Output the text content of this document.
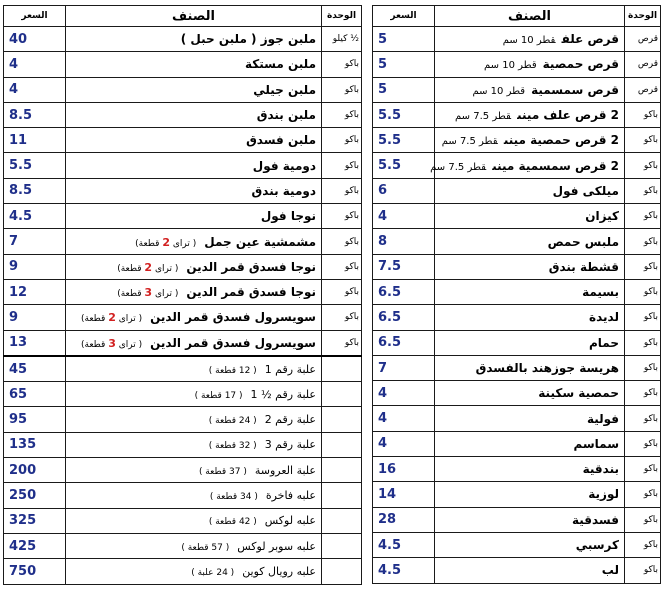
السعر	الصنف	الوحدة
40	ملبن جوز ( ملبن حبل )	½ كيلو
4	ملبن مستكة	باكو
4	ملبن جيلي	باكو
8.5	ملبن بندق	باكو
11	ملبن فسدق	باكو
5.5	دومية فول	باكو
8.5	دومية بندق	باكو
4.5	نوجا فول	باكو
7	مشمشية عين جمل( تراى 2 قطعة)	باكو
9	نوجا فسدق قمر الدين( تراى 2 قطعة)	باكو
12	نوجا فسدق قمر الدين( تراى 3 قطعة)	باكو
9	سويسرول فسدق قمر الدين( تراى 2 قطعة)	باكو
13	سويسرول فسدق قمر الدين( تراى 3 قطعة)	باكو
45	علبة رقم 1( 12 قطعة )	
65	علبة رقم ½ 1( 17 قطعة )	
95	علبة رقم 2( 24 قطعة )	
135	علبة رقم 3( 32 قطعة )	
200	علبة العروسة( 37 قطعة )	
250	علبه فاخرة( 34 قطعة )	
325	علبه لوكس( 42 قطعة )	
425	علبه سوبر لوكس( 57 قطعة )	
750	علبه رويال كوين( 24 علبة )	
السعر	الصنف	الوحدة
5	قرص علفقطر 10 سم	قرص
5	قرص حمصيةقطر 10 سم	قرص
5	قرص سمسميةقطر 10 سم	قرص
5.5	2 قرص علف مينىقطر 7.5 سم	باكو
5.5	2 قرص حمصية مينىقطر 7.5 سم	باكو
5.5	2 قرص سمسمية مينىقطر 7.5 سم	باكو
6	ميلكى فول	باكو
4	كيزان	باكو
8	ملبس حمص	باكو
7.5	قشطة بندق	باكو
6.5	بسيمة	باكو
6.5	لديدة	باكو
6.5	حمام	باكو
7	هريسة جوزهند بالفسدق	باكو
4	حمصية سكينة	باكو
4	فولية	باكو
4	سماسم	باكو
16	بندقية	باكو
14	لوزية	باكو
28	فسدقية	باكو
4.5	كرسبي	باكو
4.5	لب	باكو
